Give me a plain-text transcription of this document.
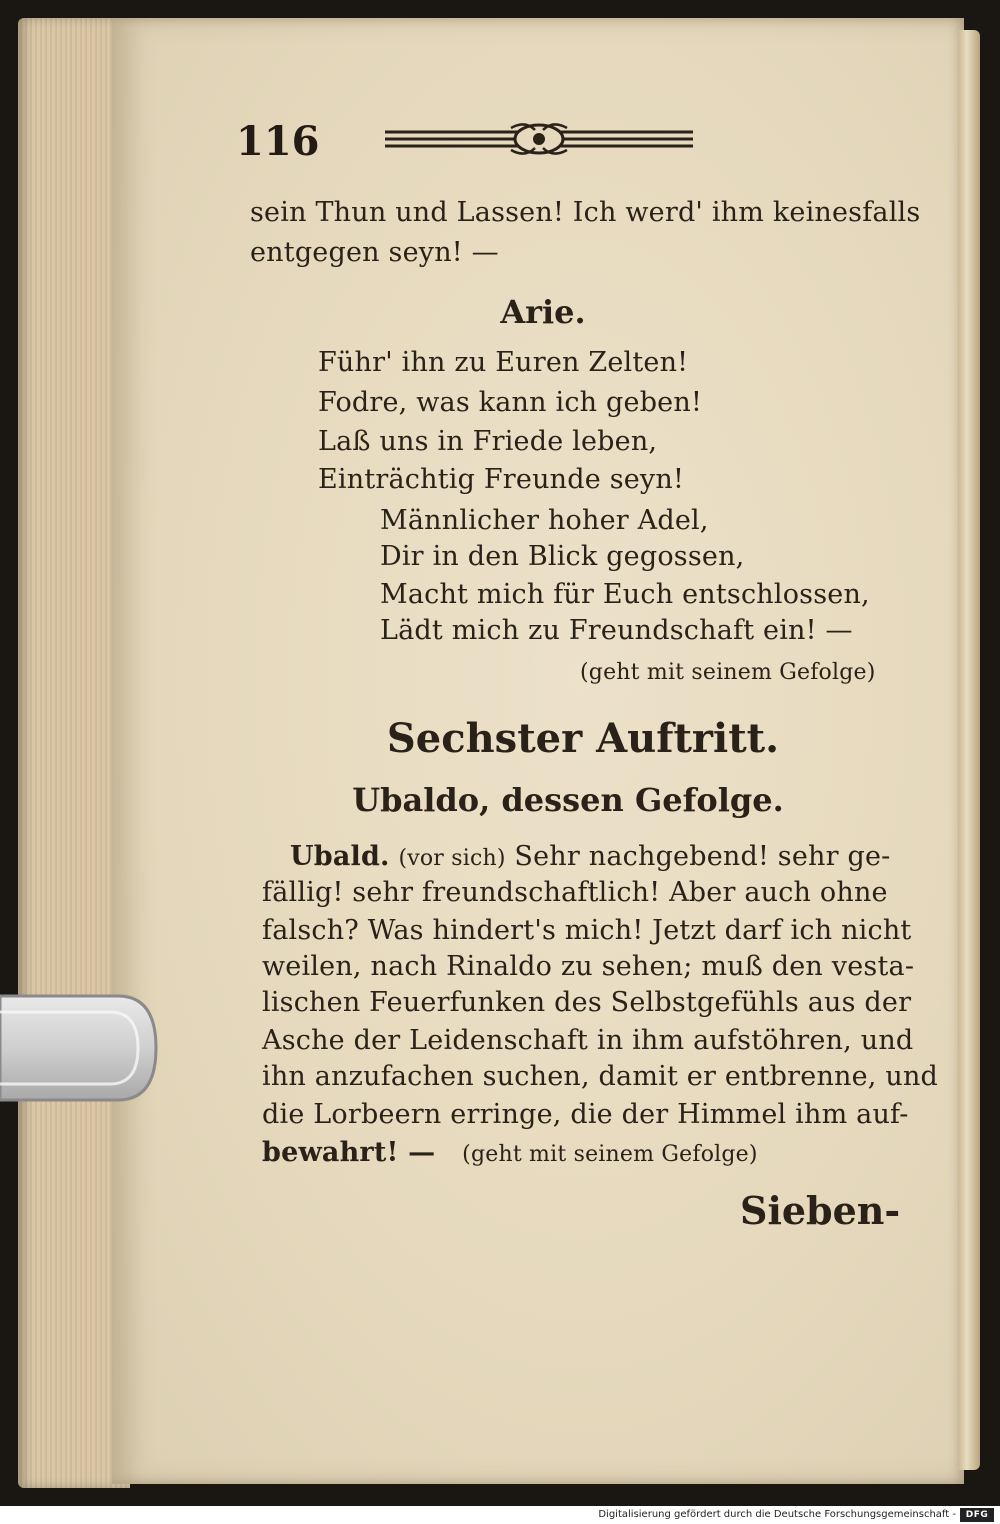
116
sein Thun und Lassen! Ich werd' ihm keinesfalls
entgegen seyn! —
Arie.
Führ' ihn zu Euren Zelten!
Fodre, was kann ich geben!
Laß uns in Friede leben,
Einträchtig Freunde seyn!
Männlicher hoher Adel,
Dir in den Blick gegossen,
Macht mich für Euch entschlossen,
Lädt mich zu Freundschaft ein! —
(geht mit seinem Gefolge)
Sechster Auftritt.
Ubaldo, dessen Gefolge.
Ubald. (vor sich) Sehr nachgebend! sehr ge-
fällig! sehr freundschaftlich! Aber auch ohne
falsch? Was hindert's mich! Jetzt darf ich nicht
weilen, nach Rinaldo zu sehen; muß den vesta-
lischen Feuerfunken des Selbstgefühls aus der
Asche der Leidenschaft in ihm aufstöhren, und
ihn anzufachen suchen, damit er entbrenne, und
die Lorbeern erringe, die der Himmel ihm auf-
bewahrt! — (geht mit seinem Gefolge)
Sieben-
Digitalisierung gefördert durch die Deutsche Forschungsgemeinschaft -	DFG
